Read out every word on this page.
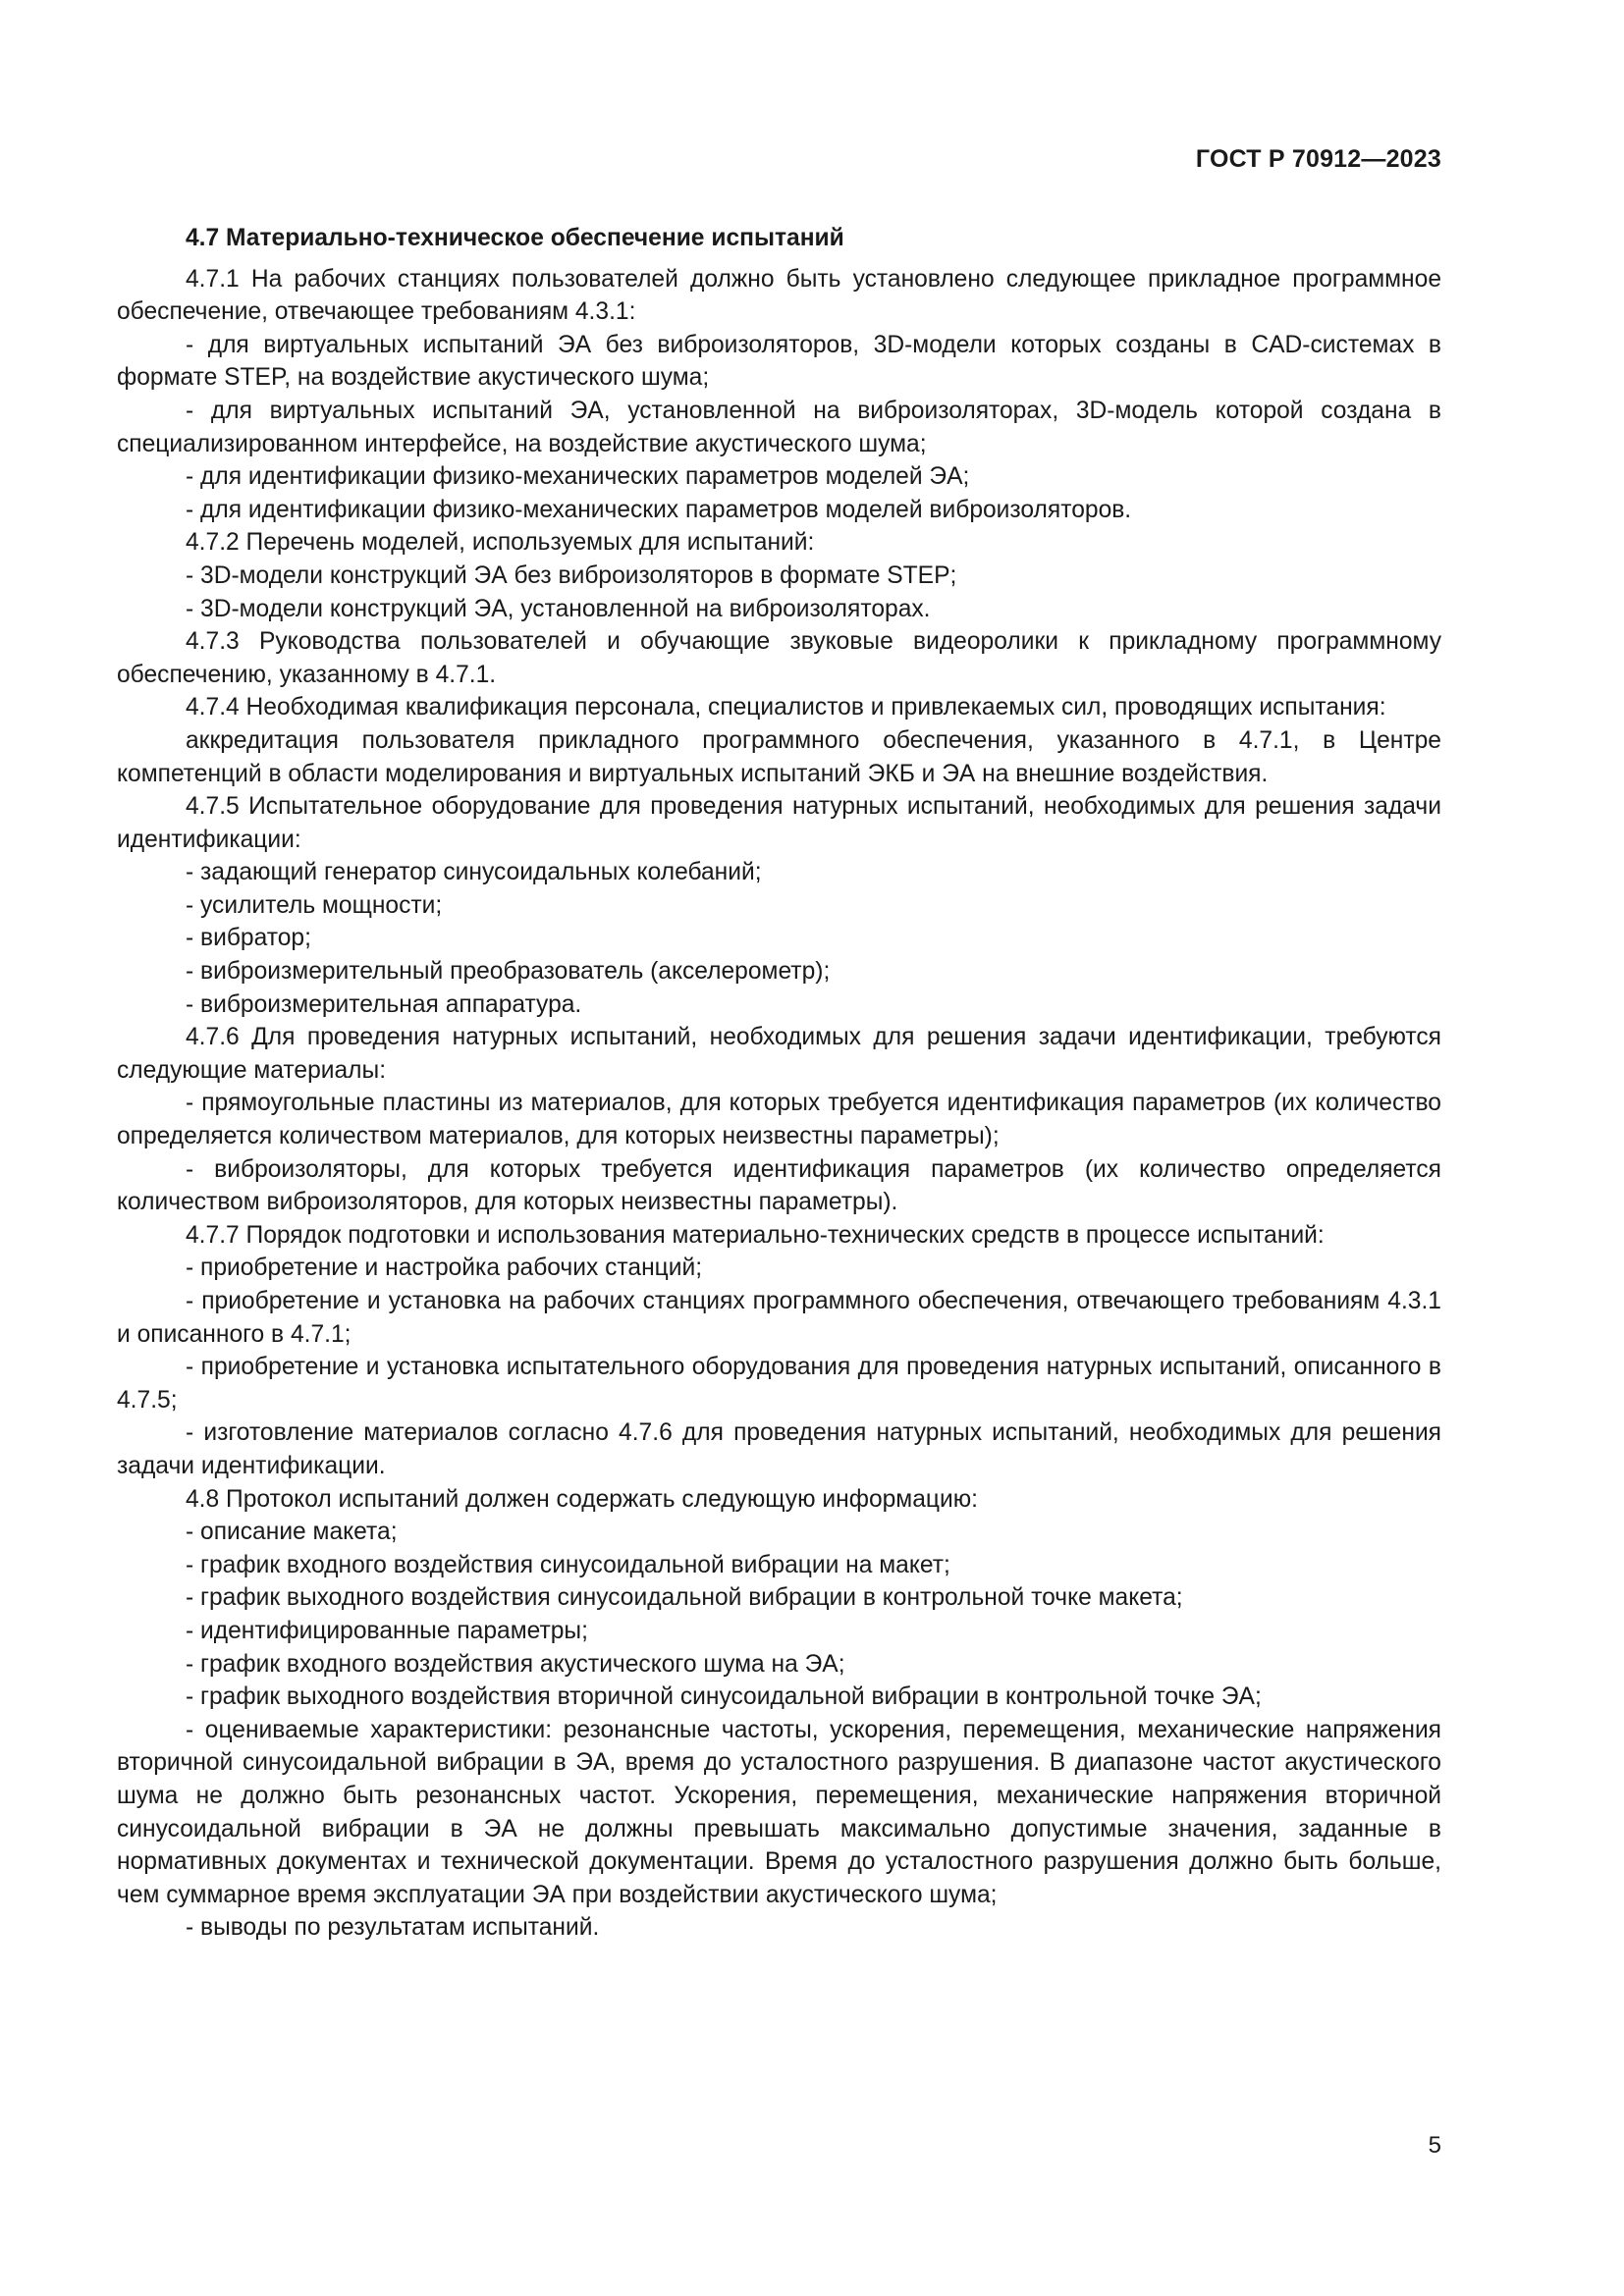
ГОСТ Р 70912—2023
4.7 Материально-техническое обеспечение испытаний
4.7.1 На рабочих станциях пользователей должно быть установлено следующее прикладное программное обеспечение, отвечающее требованиям 4.3.1:
- для виртуальных испытаний ЭА без виброизоляторов, 3D-модели которых созданы в CAD-системах в формате STEP, на воздействие акустического шума;
- для виртуальных испытаний ЭА, установленной на виброизоляторах, 3D-модель которой создана в специализированном интерфейсе, на воздействие акустического шума;
- для идентификации физико-механических параметров моделей ЭА;
- для идентификации физико-механических параметров моделей виброизоляторов.
4.7.2 Перечень моделей, используемых для испытаний:
- 3D-модели конструкций ЭА без виброизоляторов в формате STEP;
- 3D-модели конструкций ЭА, установленной на виброизоляторах.
4.7.3 Руководства пользователей и обучающие звуковые видеоролики к прикладному программному обеспечению, указанному в 4.7.1.
4.7.4 Необходимая квалификация персонала, специалистов и привлекаемых сил, проводящих испытания:
аккредитация пользователя прикладного программного обеспечения, указанного в 4.7.1, в Центре компетенций в области моделирования и виртуальных испытаний ЭКБ и ЭА на внешние воздействия.
4.7.5 Испытательное оборудование для проведения натурных испытаний, необходимых для решения задачи идентификации:
- задающий генератор синусоидальных колебаний;
- усилитель мощности;
- вибратор;
- виброизмерительный преобразователь (акселерометр);
- виброизмерительная аппаратура.
4.7.6 Для проведения натурных испытаний, необходимых для решения задачи идентификации, требуются следующие материалы:
- прямоугольные пластины из материалов, для которых требуется идентификация параметров (их количество определяется количеством материалов, для которых неизвестны параметры);
- виброизоляторы, для которых требуется идентификация параметров (их количество определяется количеством виброизоляторов, для которых неизвестны параметры).
4.7.7 Порядок подготовки и использования материально-технических средств в процессе испытаний:
- приобретение и настройка рабочих станций;
- приобретение и установка на рабочих станциях программного обеспечения, отвечающего требованиям 4.3.1 и описанного в 4.7.1;
- приобретение и установка испытательного оборудования для проведения натурных испытаний, описанного в 4.7.5;
- изготовление материалов согласно 4.7.6 для проведения натурных испытаний, необходимых для решения задачи идентификации.
4.8 Протокол испытаний должен содержать следующую информацию:
- описание макета;
- график входного воздействия синусоидальной вибрации на макет;
- график выходного воздействия синусоидальной вибрации в контрольной точке макета;
- идентифицированные параметры;
- график входного воздействия акустического шума на ЭА;
- график выходного воздействия вторичной синусоидальной вибрации в контрольной точке ЭА;
- оцениваемые характеристики: резонансные частоты, ускорения, перемещения, механические напряжения вторичной синусоидальной вибрации в ЭА, время до усталостного разрушения. В диапазоне частот акустического шума не должно быть резонансных частот. Ускорения, перемещения, механические напряжения вторичной синусоидальной вибрации в ЭА не должны превышать максимально допустимые значения, заданные в нормативных документах и технической документации. Время до усталостного разрушения должно быть больше, чем суммарное время эксплуатации ЭА при воздействии акустического шума;
- выводы по результатам испытаний.
5
